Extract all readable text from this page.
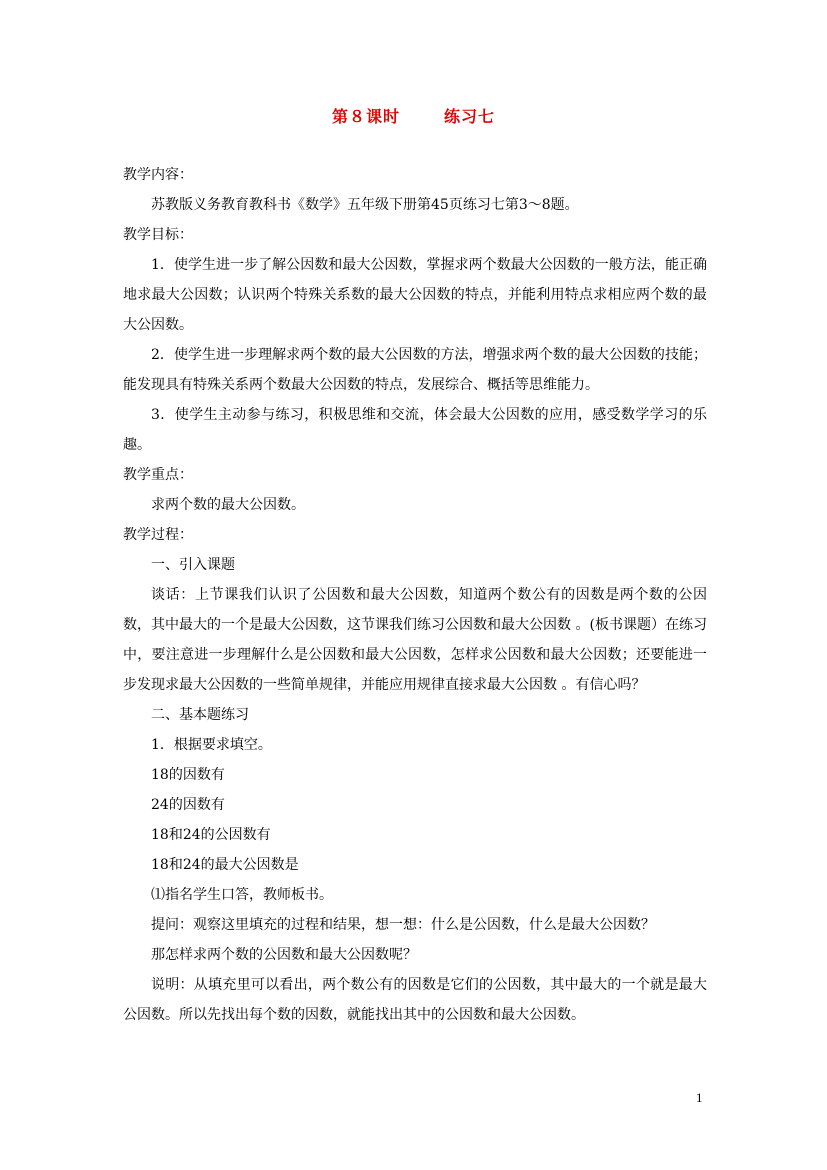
第８课时	练习七

教学内容：

苏教版义务教育教科书《数学》五年级下册第45页练习七第3～8题。

教学目标：

1．使学生进一步了解公因数和最大公因数，掌握求两个数最大公因数的一般方法，能正确地求最大公因数；认识两个特殊关系数的最大公因数的特点，并能利用特点求相应两个数的最大公因数。

2．使学生进一步理解求两个数的最大公因数的方法，增强求两个数的最大公因数的技能；能发现具有特殊关系两个数最大公因数的特点，发展综合、概括等思维能力。

3．使学生主动参与练习，积极思维和交流，体会最大公因数的应用，感受数学学习的乐趣。

教学重点：

求两个数的最大公因数。

教学过程：

一、引入课题

谈话：上节课我们认识了公因数和最大公因数，知道两个数公有的因数是两个数的公因数，其中最大的一个是最大公因数，这节课我们练习公因数和最大公因数 。(板书课题）在练习中，要注意进一步理解什么是公因数和最大公因数，怎样求公因数和最大公因数；还要能进一步发现求最大公因数的一些简单规律，并能应用规律直接求最大公因数 。有信心吗？

二、基本题练习

1．根据要求填空。

18的因数有

24的因数有

18和24的公因数有

18和24的最大公因数是

⑴指名学生口答，教师板书。

提问：观察这里填充的过程和结果，想一想：什么是公因数，什么是最大公因数？

那怎样求两个数的公因数和最大公因数呢？

说明：从填充里可以看出，两个数公有的因数是它们的公因数，其中最大的一个就是最大公因数。所以先找出每个数的因数，就能找出其中的公因数和最大公因数。

1
